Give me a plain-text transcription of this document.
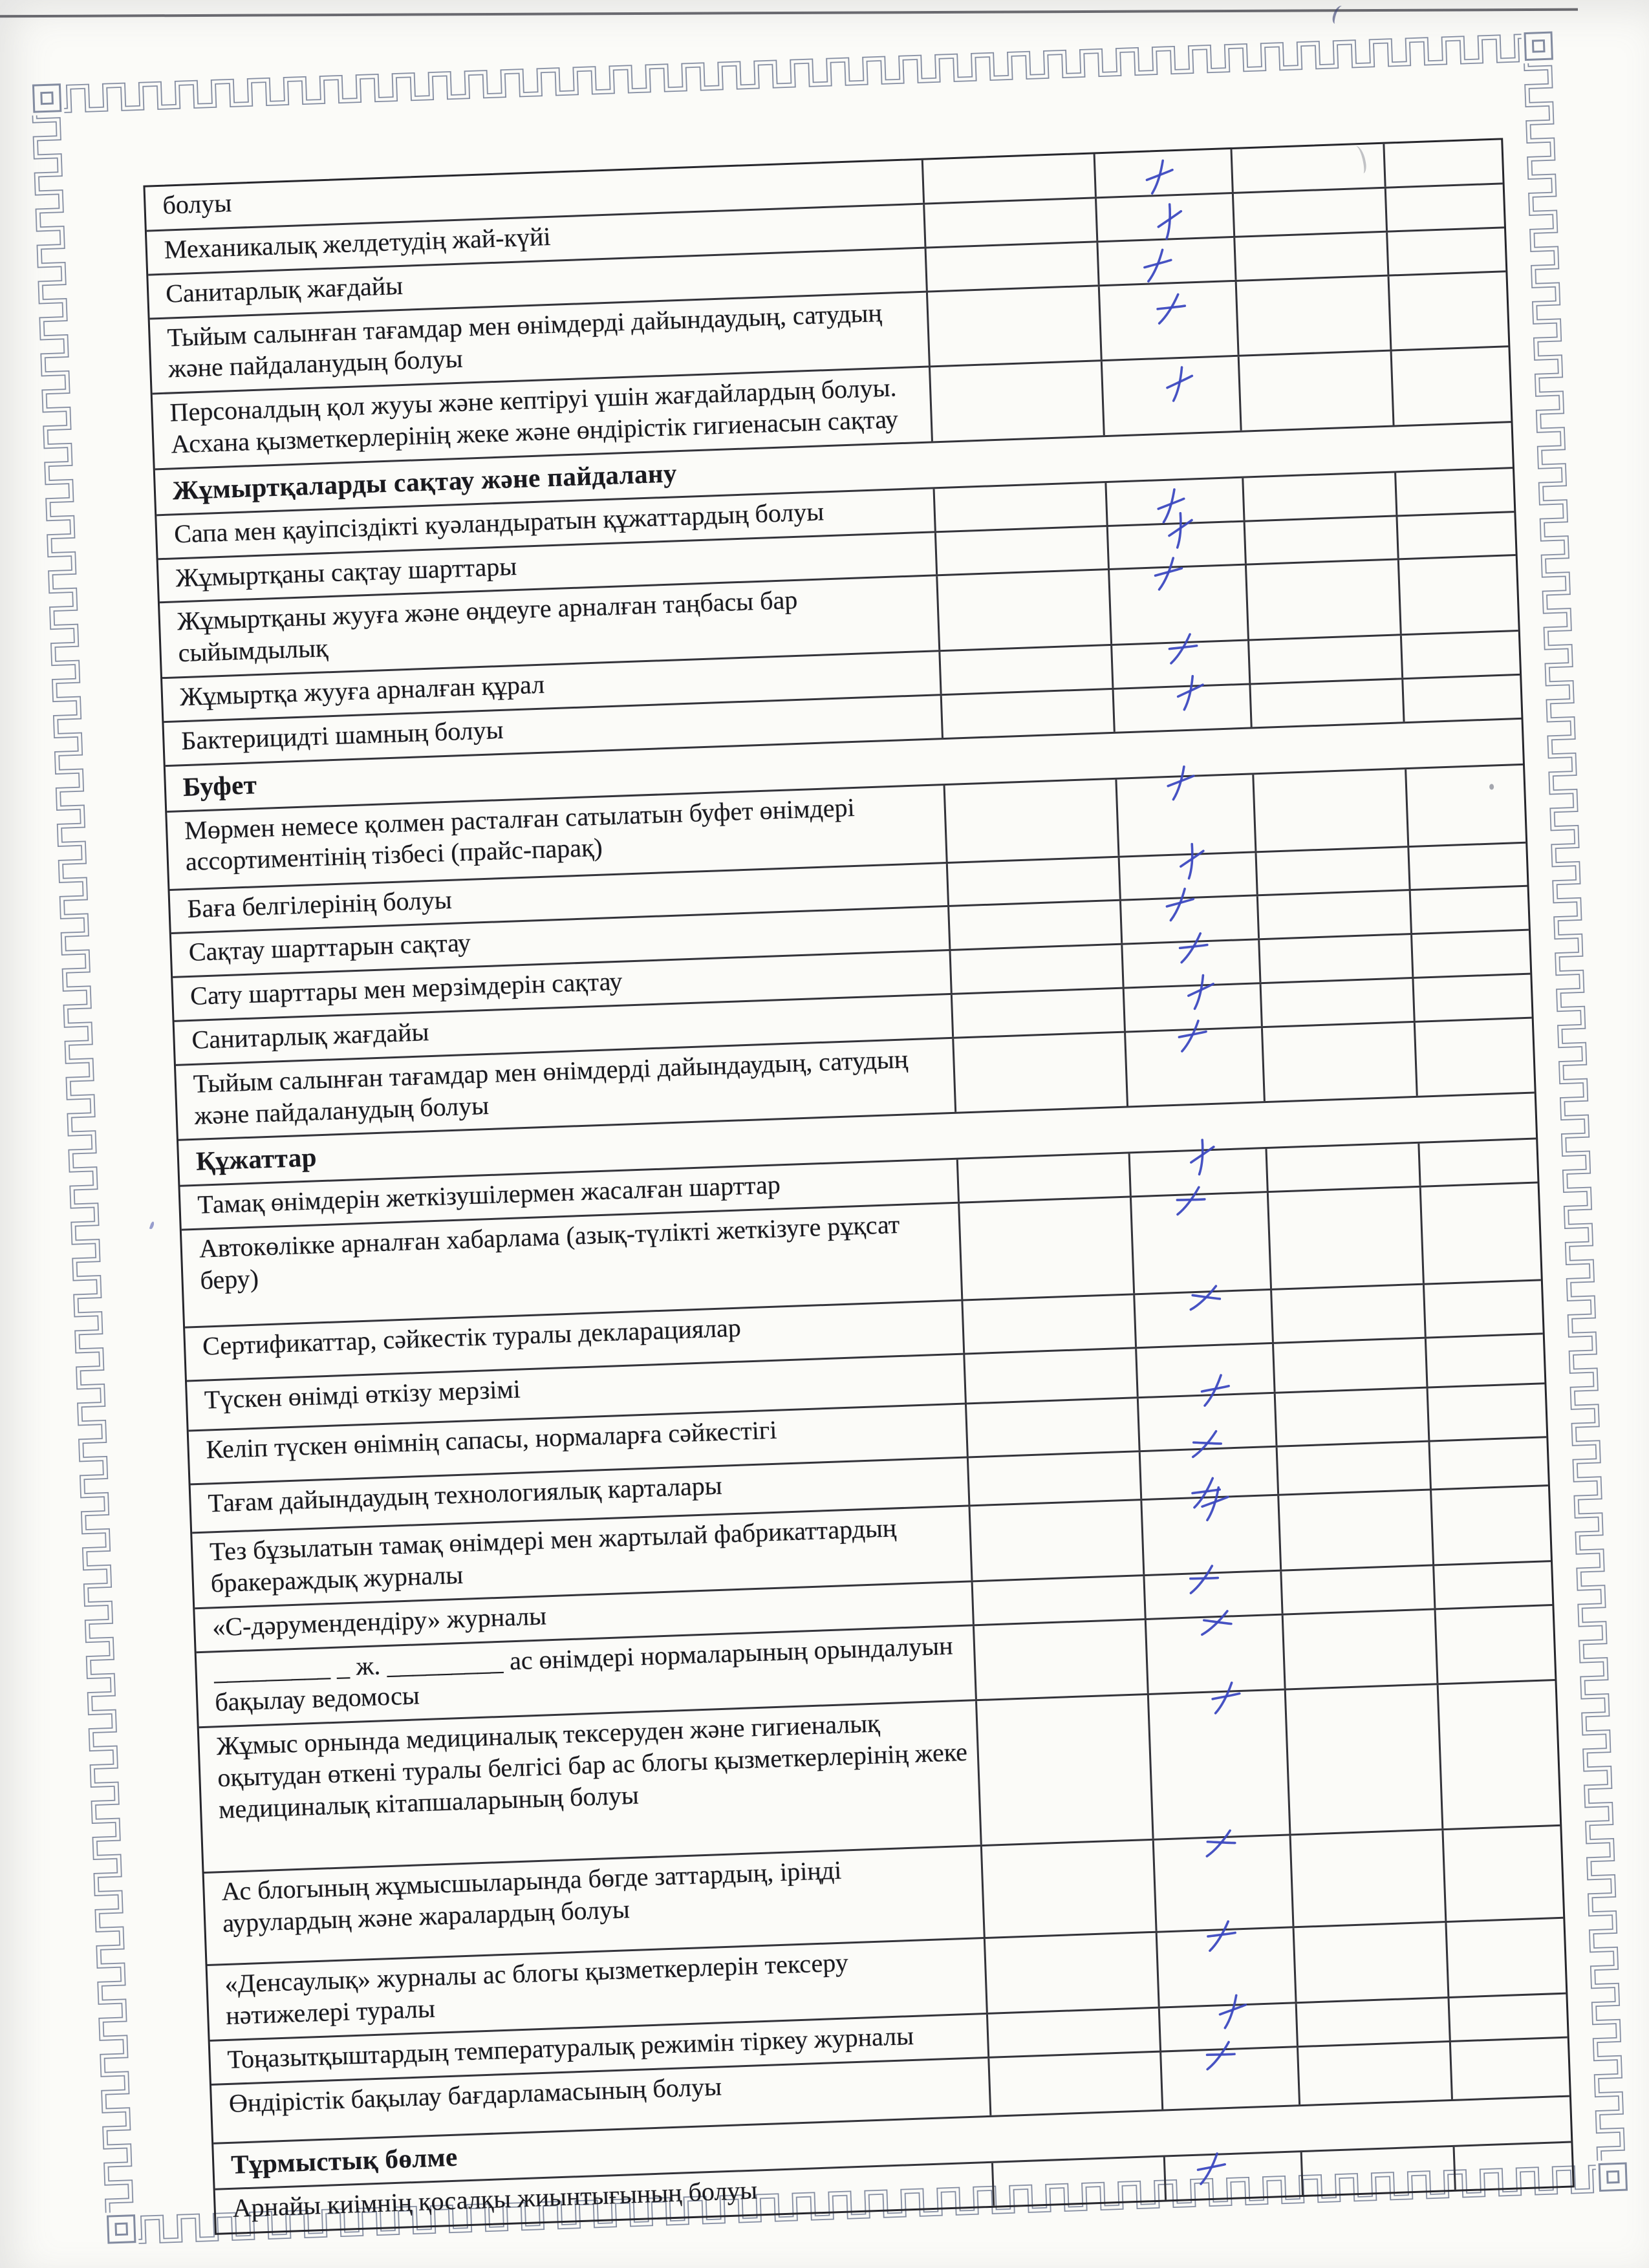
болуы
Механикалық желдетудің жай-күйі
Санитарлық жағдайы
Тыйым салынған тағамдар мен өнімдерді дайындаудың, сатудың және пайдаланудың болуы
Персоналдың қол жууы және кептіруі үшін жағдайлардың болуы. Асхана қызметкерлерінің жеке және өндірістік гигиенасын сақтау
Жұмыртқаларды сақтау және пайдалану
Сапа мен қауіпсіздікті куәландыратын құжаттардың болуы
Жұмыртқаны сақтау шарттары
Жұмыртқаны жууға және өңдеуге арналған таңбасы бар сыйымдылық
Жұмыртқа жууға арналған құрал
Бактерицидті шамның болуы
Буфет
Мөрмен немесе қолмен расталған сатылатын буфет өнімдері ассортиментінің тізбесі (прайс-парақ)
Баға белгілерінің болуы
Сақтау шарттарын сақтау
Сату шарттары мен мерзімдерін сақтау
Санитарлық жағдайы
Тыйым салынған тағамдар мен өнімдерді дайындаудың, сатудың және пайдаланудың болуы
Құжаттар
Тамақ өнімдерін жеткізушілермен жасалған шарттар
Автокөлікке арналған хабарлама (азық-түлікті жеткізуге рұқсат беру)
Сертификаттар, сәйкестік туралы декларациялар
Түскен өнімді өткізу мерзімі
Келіп түскен өнімнің сапасы, нормаларға сәйкестігі
Тағам дайындаудың технологиялық карталары
Тез бұзылатын тамақ өнімдері мен жартылай фабрикаттардың бракераждық журналы
«С-дәрумендендіру» журналы
_________ _ ж. _________ ас өнімдері нормаларының орындалуын бақылау ведомосы
Жұмыс орнында медициналық тексеруден және гигиеналық оқытудан өткені туралы белгісі бар ас блогы қызметкерлерінің жеке медициналық кітапшаларының болуы
Ас блогының жұмысшыларында бөгде заттардың, іріңді аурулардың және жаралардың болуы
«Денсаулық» журналы ас блогы қызметкерлерін тексеру нәтижелері туралы
Тоңазытқыштардың температуралық режимін тіркеу журналы
Өндірістік бақылау бағдарламасының болуы
Тұрмыстық бөлме
Арнайы киімнің қосалқы жиынтығының болуы
